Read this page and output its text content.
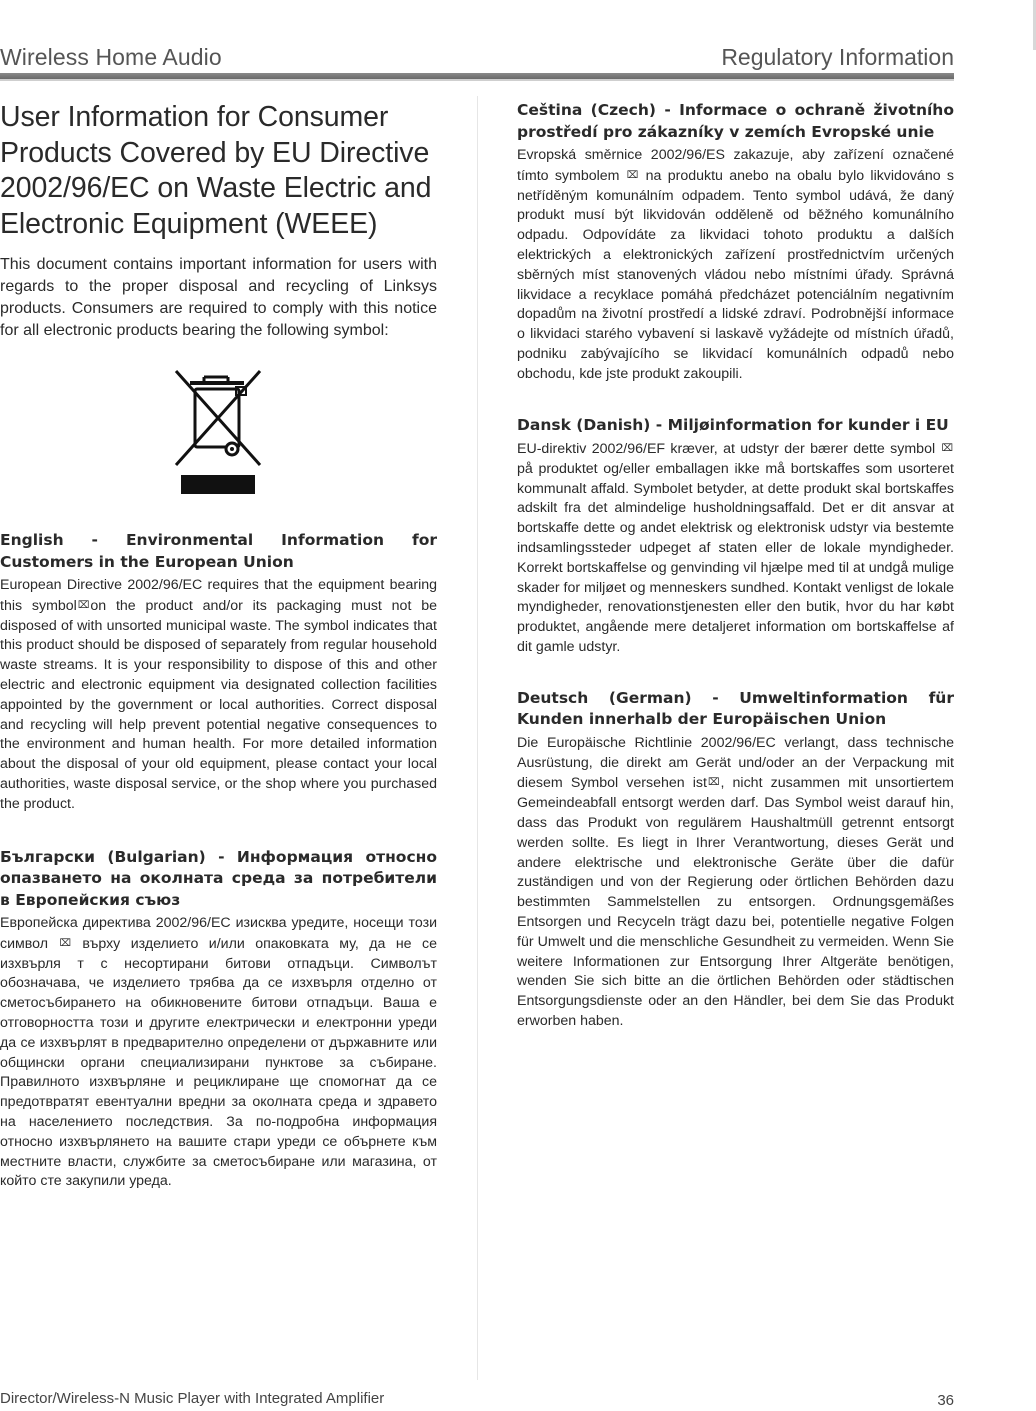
Wireless Home Audio	Regulatory Information
User Information for Consumer Products Covered by EU Directive 2002/96/EC on Waste Electric and Electronic Equipment (WEEE)

This document contains important information for users with regards to the proper disposal and recycling of Linksys products. Consumers are required to comply with this notice for all electronic products bearing the following symbol:

English - Environmental Information for Customers in the European Union

European Directive 2002/96/EC requires that the equipment bearing this symbol⌧on the product and/or its packaging must not be disposed of with unsorted municipal waste. The symbol indicates that this product should be disposed of separately from regular household waste streams. It is your responsibility to dispose of this and other electric and electronic equipment via designated collection facilities appointed by the government or local authorities. Correct disposal and recycling will help prevent potential negative consequences to the environment and human health. For more detailed information about the disposal of your old equipment, please contact your local authorities, waste disposal service, or the shop where you purchased the product.

Български (Bulgarian) - Информация относно опазването на околната среда за потребители в Европейския съюз

Европейска директива 2002/96/EC изисква уредите, носещи този символ ⌧ върху изделието и/или опаковката му, да не се изхвърля т с несортирани битови отпадъци. Символът обозначава, че изделието трябва да се изхвърля отделно от сметосъбирането на обикновените битови отпадъци. Ваша е отговорността този и другите електрически и електронни уреди да се изхвърлят в предварително определени от държавните или общински органи специализирани пунктове за събиране. Правилното изхвърляне и рециклиране ще спомогнат да се предотвратят евентуални вредни за околната среда и здравето на населението последствия. За по-подробна информация относно изхвърлянето на вашите стари уреди се обърнете към местните власти, службите за сметосъбиране или магазина, от който сте закупили уреда.

Ceština (Czech) - Informace o ochraně životního prostředí pro zákazníky v zemích Evropské unie

Evropská směrnice 2002/96/ES zakazuje, aby zařízení označené tímto symbolem ⌧ na produktu anebo na obalu bylo likvidováno s netříděným komunálním odpadem. Tento symbol udává, že daný produkt musí být likvidován odděleně od běžného komunálního odpadu. Odpovídáte za likvidaci tohoto produktu a dalších elektrických a elektronických zařízení prostřednictvím určených sběrných míst stanovených vládou nebo místními úřady. Správná likvidace a recyklace pomáhá předcházet potenciálním negativním dopadům na životní prostředí a lidské zdraví. Podrobnější informace o likvidaci starého vybavení si laskavě vyžádejte od místních úřadů, podniku zabývajícího se likvidací komunálních odpadů nebo obchodu, kde jste produkt zakoupili.

Dansk (Danish) - Miljøinformation for kunder i EU

EU-direktiv 2002/96/EF kræver, at udstyr der bærer dette symbol ⌧ på produktet og/eller emballagen ikke må bortskaffes som usorteret kommunalt affald. Symbolet betyder, at dette produkt skal bortskaffes adskilt fra det almindelige husholdningsaffald. Det er dit ansvar at bortskaffe dette og andet elektrisk og elektronisk udstyr via bestemte indsamlingssteder udpeget af staten eller de lokale myndigheder. Korrekt bortskaffelse og genvinding vil hjælpe med til at undgå mulige skader for miljøet og menneskers sundhed. Kontakt venligst de lokale myndigheder, renovationstjenesten eller den butik, hvor du har købt produktet, angående mere detaljeret information om bortskaffelse af dit gamle udstyr.

Deutsch (German) - Umweltinformation für Kunden innerhalb der Europäischen Union

Die Europäische Richtlinie 2002/96/EC verlangt, dass technische Ausrüstung, die direkt am Gerät und/oder an der Verpackung mit diesem Symbol versehen ist⌧, nicht zusammen mit unsortiertem Gemeindeabfall entsorgt werden darf. Das Symbol weist darauf hin, dass das Produkt von regulärem Haushaltmüll getrennt entsorgt werden sollte. Es liegt in Ihrer Verantwortung, dieses Gerät und andere elektrische und elektronische Geräte über die dafür zuständigen und von der Regierung oder örtlichen Behörden dazu bestimmten Sammelstellen zu entsorgen. Ordnungsgemäßes Entsorgen und Recyceln trägt dazu bei, potentielle negative Folgen für Umwelt und die menschliche Gesundheit zu vermeiden. Wenn Sie weitere Informationen zur Entsorgung Ihrer Altgeräte benötigen, wenden Sie sich bitte an die örtlichen Behörden oder städtischen Entsorgungsdienste oder an den Händler, bei dem Sie das Produkt erworben haben.

Director/Wireless-N Music Player with Integrated Amplifier	36
